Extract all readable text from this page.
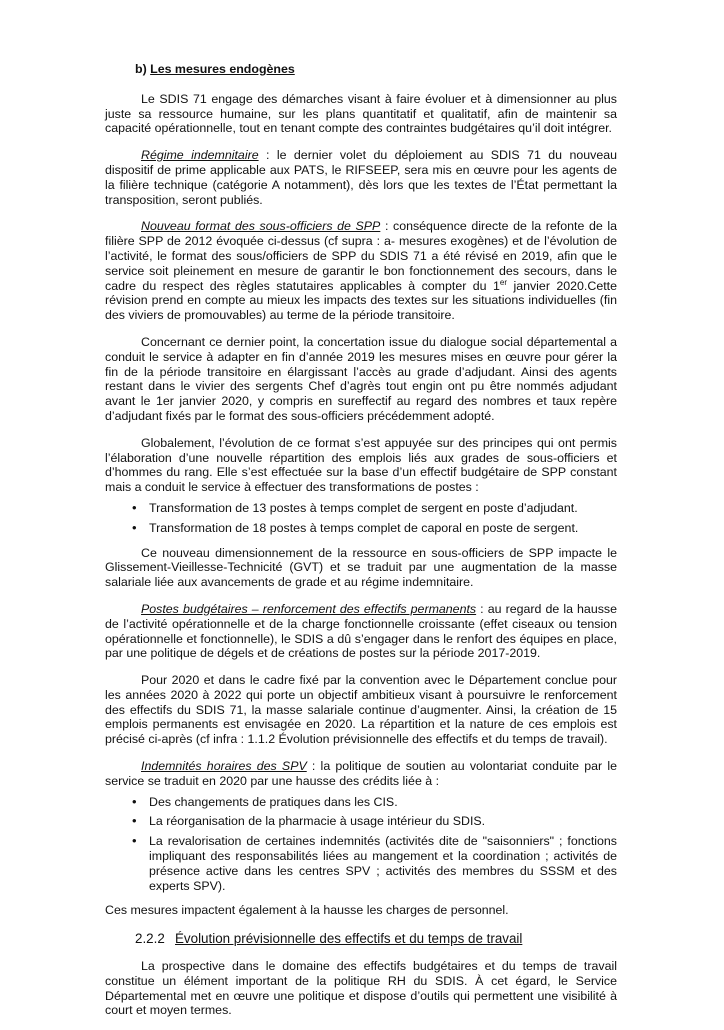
b) Les mesures endogènes

Le SDIS 71 engage des démarches visant à faire évoluer et à dimensionner au plus juste sa ressource humaine, sur les plans quantitatif et qualitatif, afin de maintenir sa capacité opérationnelle, tout en tenant compte des contraintes budgétaires qu’il doit intégrer.

Régime indemnitaire : le dernier volet du déploiement au SDIS 71 du nouveau dispositif de prime applicable aux PATS, le RIFSEEP, sera mis en œuvre pour les agents de la filière technique (catégorie A notamment), dès lors que les textes de l’État permettant la transposition, seront publiés.

Nouveau format des sous-officiers de SPP : conséquence directe de la refonte de la filière SPP de 2012 évoquée ci-dessus (cf supra : a- mesures exogènes) et de l’évolution de l’activité, le format des sous/officiers de SPP du SDIS 71 a été révisé en 2019, afin que le service soit pleinement en mesure de garantir le bon fonctionnement des secours, dans le cadre du respect des règles statutaires applicables à compter du 1er janvier 2020.Cette révision prend en compte au mieux les impacts des textes sur les situations individuelles (fin des viviers de promouvables) au terme de la période transitoire.

Concernant ce dernier point, la concertation issue du dialogue social départemental a conduit le service à adapter en fin d’année 2019 les mesures mises en œuvre pour gérer la fin de la période transitoire en élargissant l’accès au grade d’adjudant. Ainsi des agents restant dans le vivier des sergents Chef d’agrès tout engin ont pu être nommés adjudant avant le 1er janvier 2020, y compris en sureffectif au regard des nombres et taux repère d’adjudant fixés par le format des sous-officiers précédemment adopté.

Globalement, l’évolution de ce format s’est appuyée sur des principes qui ont permis l’élaboration d’une nouvelle répartition des emplois liés aux grades de sous-officiers et d’hommes du rang. Elle s’est effectuée sur la base d’un effectif budgétaire de SPP constant mais a conduit le service à effectuer des transformations de postes :

• Transformation de 13 postes à temps complet de sergent en poste d’adjudant.
• Transformation de 18 postes à temps complet de caporal en poste de sergent.

Ce nouveau dimensionnement de la ressource en sous-officiers de SPP impacte le Glissement-Vieillesse-Technicité (GVT) et se traduit par une augmentation de la masse salariale liée aux avancements de grade et au régime indemnitaire.

Postes budgétaires – renforcement des effectifs permanents : au regard de la hausse de l’activité opérationnelle et de la charge fonctionnelle croissante (effet ciseaux ou tension opérationnelle et fonctionnelle), le SDIS a dû s’engager dans le renfort des équipes en place, par une politique de dégels et de créations de postes sur la période 2017-2019.

Pour 2020 et dans le cadre fixé par la convention avec le Département conclue pour les années 2020 à 2022 qui porte un objectif ambitieux visant à poursuivre le renforcement des effectifs du SDIS 71, la masse salariale continue d’augmenter. Ainsi, la création de 15 emplois permanents est envisagée en 2020. La répartition et la nature de ces emplois est précisé ci-après (cf infra : 1.1.2 Évolution prévisionnelle des effectifs et du temps de travail).

Indemnités horaires des SPV : la politique de soutien au volontariat conduite par le service se traduit en 2020 par une hausse des crédits liée à :

• Des changements de pratiques dans les CIS.
• La réorganisation de la pharmacie à usage intérieur du SDIS.
• La revalorisation de certaines indemnités (activités dite de "saisonniers" ; fonctions impliquant des responsabilités liées au mangement et la coordination ; activités de présence active dans les centres SPV ; activités des membres du SSSM et des experts SPV).

Ces mesures impactent également à la hausse les charges de personnel.

2.2.2 Évolution prévisionnelle des effectifs et du temps de travail

La prospective dans le domaine des effectifs budgétaires et du temps de travail constitue un élément important de la politique RH du SDIS. À cet égard, le Service Départemental met en œuvre une politique et dispose d’outils qui permettent une visibilité à court et moyen termes.
